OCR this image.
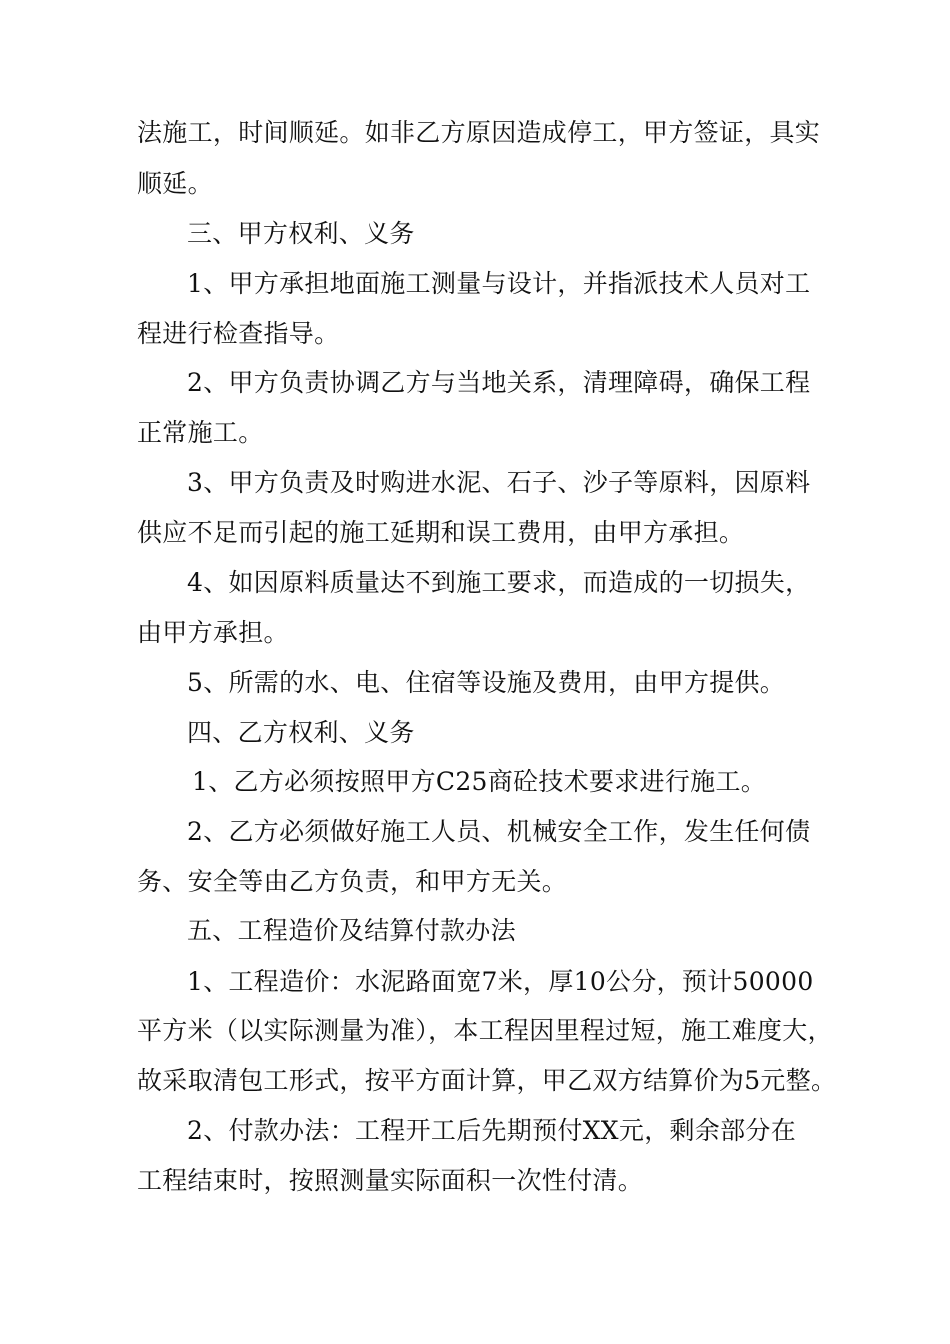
法施工，时间顺延。如非乙方原因造成停工，甲方签证，具实
顺延。
三、甲方权利、义务
1、甲方承担地面施工测量与设计，并指派技术人员对工
程进行检查指导。
2、甲方负责协调乙方与当地关系，清理障碍，确保工程
正常施工。
3、甲方负责及时购进水泥、石子、沙子等原料，因原料
供应不足而引起的施工延期和误工费用，由甲方承担。
4、如因原料质量达不到施工要求，而造成的一切损失，
由甲方承担。
5、所需的水、电、住宿等设施及费用，由甲方提供。
四、乙方权利、义务
1、乙方必须按照甲方C25商砼技术要求进行施工。
2、乙方必须做好施工人员、机械安全工作，发生任何债
务、安全等由乙方负责，和甲方无关。
五、工程造价及结算付款办法
1、工程造价：水泥路面宽7米，厚10公分，预计50000
平方米（以实际测量为准），本工程因里程过短，施工难度大，
故采取清包工形式，按平方面计算，甲乙双方结算价为5元整。
2、付款办法：工程开工后先期预付XX元，剩余部分在
工程结束时，按照测量实际面积一次性付清。
